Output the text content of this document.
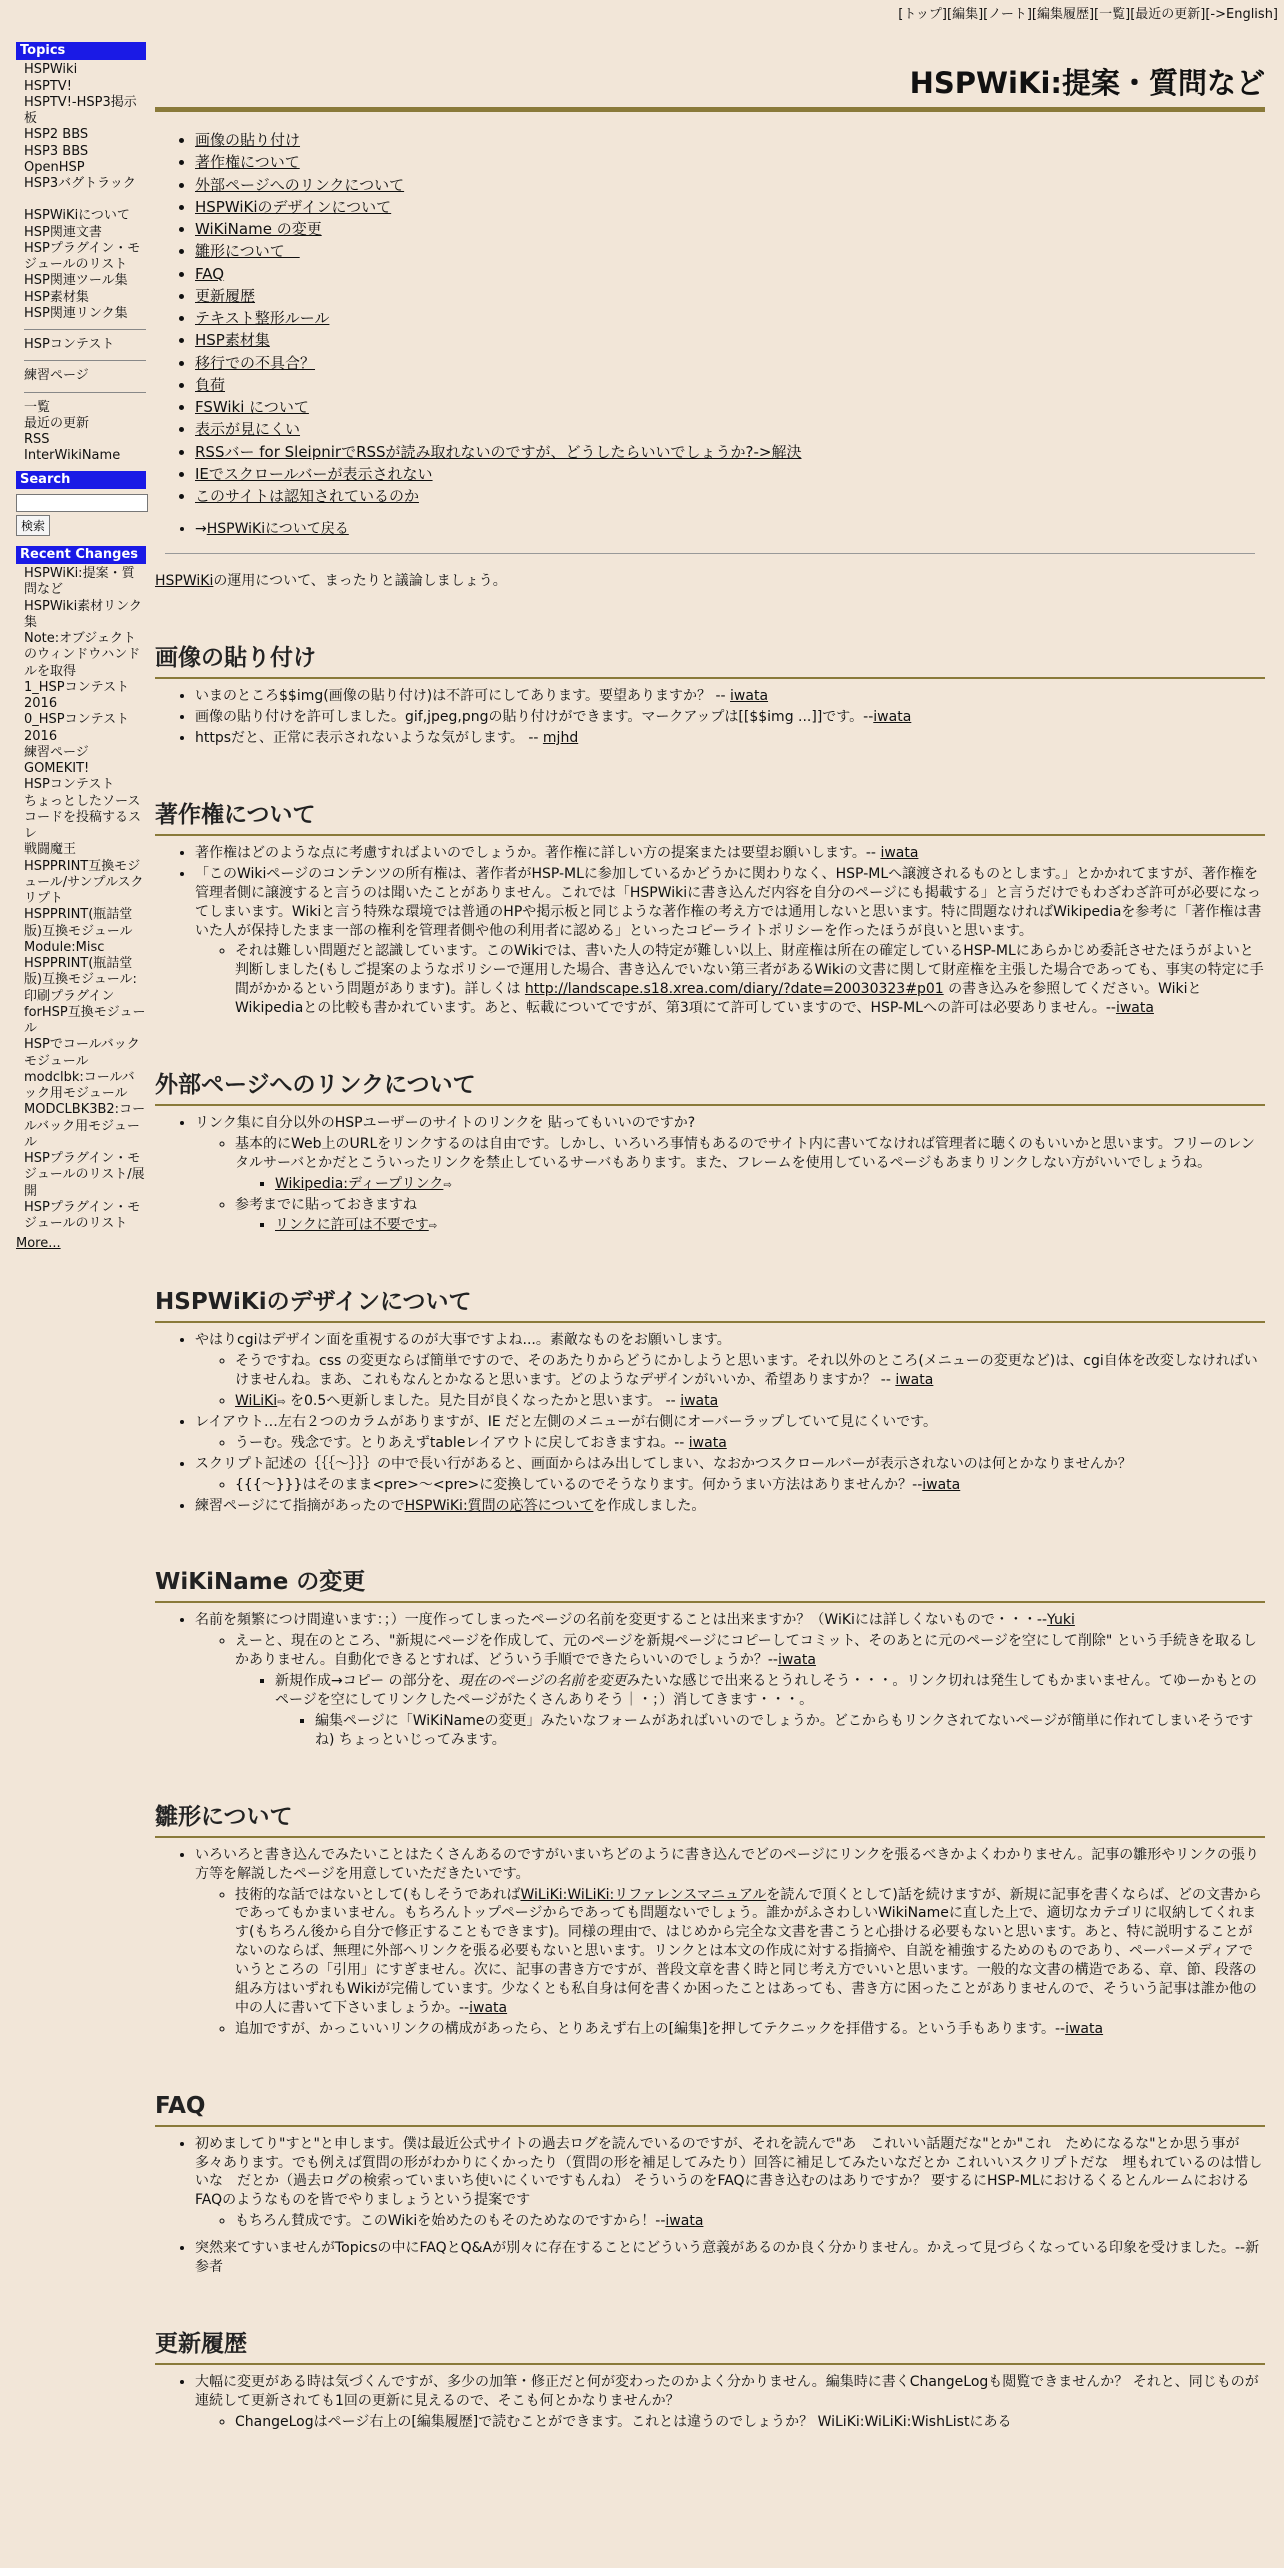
[トップ][編集][ノート][編集履歴][一覧][最近の更新][->English]
Topics
HSPWiki
HSPTV!
HSPTV!-HSP3掲示板
HSP2 BBS
HSP3 BBS
OpenHSP
HSP3バグトラック
HSPWiKiについて
HSP関連文書
HSPプラグイン・モジュールのリスト
HSP関連ツール集
HSP素材集
HSP関連リンク集
HSPコンテスト
練習ページ
一覧
最近の更新
RSS
InterWikiName
Search
検索
Recent Changes
HSPWiKi:提案・質問など
HSPWiki素材リンク集
Note:オブジェクトのウィンドウハンドルを取得
1_HSPコンテスト2016
0_HSPコンテスト2016
練習ページ
GOMEKIT!
HSPコンテスト
ちょっとしたソースコードを投稿するスレ
戦闘魔王
HSPPRINT互換モジュール/サンプルスクリプト
HSPPRINT(瓶詰堂版)互換モジュール
Module:Misc
HSPPRINT(瓶詰堂版)互換モジュール:印刷プラグインforHSP互換モジュール
HSPでコールバックモジュール
modclbk:コールバック用モジュール
MODCLBK3B2:コールバック用モジュール
HSPプラグイン・モジュールのリスト/展開
HSPプラグイン・モジュールのリスト
More...
HSPWiKi:提案・質問など
• 画像の貼り付け
• 著作権について
• 外部ページへのリンクについて
• HSPWiKiのデザインについて
• WiKiName の変更
• 雛形について　
• FAQ
• 更新履歴
• テキスト整形ルール
• HSP素材集
• 移行での不具合？
• 負荷
• FSWiki について
• 表示が見にくい
• RSSバー for SleipnirでRSSが読み取れないのですが、どうしたらいいでしょうか?->解決
• IEでスクロールバーが表示されない
• このサイトは認知されているのか
• →HSPWiKiについて戻る

HSPWiKiの運用について、まったりと議論しましょう。

画像の貼り付け
• いまのところ$$img(画像の貼り付け)は不許可にしてあります。要望ありますか？ -- iwata
• 画像の貼り付けを許可しました。gif,jpeg,pngの貼り付けができます。マークアップは[[$$img ...]]です。--iwata
• httpsだと、正常に表示されないような気がします。 -- mjhd
著作権について
• 著作権はどのような点に考慮すればよいのでしょうか。著作権に詳しい方の提案または要望お願いします。-- iwata
• 「このWikiページのコンテンツの所有権は、著作者がHSP-MLに参加しているかどうかに関わりなく、HSP-MLへ譲渡されるものとします。」とかかれてますが、著作権を管理者側に譲渡すると言うのは聞いたことがありません。これでは「HSPWikiに書き込んだ内容を自分のページにも掲載する」と言うだけでもわざわざ許可が必要になってしまいます。Wikiと言う特殊な環境では普通のHPや掲示板と同じような著作権の考え方では通用しないと思います。特に問題なければWikipediaを参考に「著作権は書いた人が保持したまま一部の権利を管理者側や他の利用者に認める」といったコピーライトポリシーを作ったほうが良いと思います。
◦ それは難しい問題だと認識しています。このWikiでは、書いた人の特定が難しい以上、財産権は所在の確定しているHSP-MLにあらかじめ委託させたほうがよいと判断しました(もしご提案のようなポリシーで運用した場合、書き込んでいない第三者があるWikiの文書に関して財産権を主張した場合であっても、事実の特定に手間がかかるという問題があります)。詳しくは http://landscape.s18.xrea.com/diary/?date=20030323#p01 の書き込みを参照してください。WikiとWikipediaとの比較も書かれています。あと、転載についてですが、第3項にて許可していますので、HSP-MLへの許可は必要ありません。--iwata
外部ページへのリンクについて
• リンク集に自分以外のHSPユーザーのサイトのリンクを 貼ってもいいのですか?
◦ 基本的にWeb上のURLをリンクするのは自由です。しかし、いろいろ事情もあるのでサイト内に書いてなければ管理者に聴くのもいいかと思います。フリーのレンタルサーバとかだとこういったリンクを禁止しているサーバもあります。また、フレームを使用しているページもあまりリンクしない方がいいでしょうね。
▪ Wikipedia:ディープリンク⇨
◦ 参考までに貼っておきますね
▪ リンクに許可は不要です⇨
HSPWiKiのデザインについて
• やはりcgiはデザイン面を重視するのが大事ですよね...。素敵なものをお願いします。
◦ そうですね。css の変更ならば簡単ですので、そのあたりからどうにかしようと思います。それ以外のところ(メニューの変更など)は、cgi自体を改変しなければいけませんね。まあ、これもなんとかなると思います。どのようなデザインがいいか、希望ありますか？ -- iwata
◦ WiLiKi⇨ を0.5へ更新しました。見た目が良くなったかと思います。 -- iwata
• レイアウト…左右２つのカラムがありますが、IE だと左側のメニューが右側にオーバーラップしていて見にくいです。
◦ うーむ。残念です。とりあえずtableレイアウトに戻しておきますね。-- iwata
• スクリプト記述の｛｛｛〜｝｝｝の中で長い行があると、画面からはみ出してしまい、なおかつスクロールバーが表示されないのは何とかなりませんか？
◦ {{{〜}}}はそのまま<pre>〜<pre>に変換しているのでそうなります。何かうまい方法はありませんか？--iwata
• 練習ページにて指摘があったのでHSPWiKi:質問の応答についてを作成しました。
WiKiName の変更
• 名前を頻繁につけ間違います：；）一度作ってしまったページの名前を変更することは出来ますか？（WiKiには詳しくないもので・・・--Yuki
◦ えーと、現在のところ、"新規にページを作成して、元のページを新規ページにコピーしてコミット、そのあとに元のページを空にして削除" という手続きを取るしかありません。自動化できるとすれば、どういう手順でできたらいいのでしょうか？--iwata
▪ 新規作成→コピー の部分を、現在のページの名前を変更みたいな感じで出来るとうれしそう・・・。リンク切れは発生してもかまいません。てゆーかもとのページを空にしてリンクしたページがたくさんありそう｜・；）消してきます・・・。
▪ 編集ページに「WiKiNameの変更」みたいなフォームがあればいいのでしょうか。どこからもリンクされてないページが簡単に作れてしまいそうですね) ちょっといじってみます。
雛形について
• いろいろと書き込んでみたいことはたくさんあるのですがいまいちどのように書き込んでどのページにリンクを張るべきかよくわかりません。記事の雛形やリンクの張り方等を解説したページを用意していただきたいです。
◦ 技術的な話ではないとして(もしそうであればWiLiKi:WiLiKi:リファレンスマニュアルを読んで頂くとして)話を続けますが、新規に記事を書くならば、どの文書からであってもかまいません。もちろんトップページからであっても問題ないでしょう。誰かがふさわしいWikiNameに直した上で、適切なカテゴリに収納してくれます(もちろん後から自分で修正することもできます)。同様の理由で、はじめから完全な文書を書こうと心掛ける必要もないと思います。あと、特に説明することがないのならば、無理に外部へリンクを張る必要もないと思います。リンクとは本文の作成に対する指摘や、自説を補強するためのものであり、ペーパーメディアでいうところの「引用」にすぎません。次に、記事の書き方ですが、普段文章を書く時と同じ考え方でいいと思います。一般的な文書の構造である、章、節、段落の組み方はいずれもWikiが完備しています。少なくとも私自身は何を書くか困ったことはあっても、書き方に困ったことがありませんので、そういう記事は誰か他の中の人に書いて下さいましょうか。--iwata
◦ 追加ですが、かっこいいリンクの構成があったら、とりあえず右上の[編集]を押してテクニックを拝借する。という手もあります。--iwata
FAQ
• 初めましてり"すと"と申します。僕は最近公式サイトの過去ログを読んでいるのですが、それを読んで"あ　これいい話題だな"とか"これ　ためになるな"とか思う事が多々あります。でも例えば質問の形がわかりにくかったり（質問の形を補足してみたり）回答に補足してみたいなだとか これいいスクリプトだな　埋もれているのは惜しいな　だとか（過去ログの検索っていまいち使いにくいですもんね） そういうのをFAQに書き込むのはありですか？ 要するにHSP-MLにおけるくるとんルームにおけるFAQのようなものを皆でやりましょうという提案です
◦ もちろん賛成です。このWikiを始めたのもそのためなのですから！--iwata
• 突然来てすいませんがTopicsの中にFAQとQ&Aが別々に存在することにどういう意義があるのか良く分かりません。かえって見づらくなっている印象を受けました。--新参者
更新履歴
• 大幅に変更がある時は気づくんですが、多少の加筆・修正だと何が変わったのかよく分かりません。編集時に書くChangeLogも閲覧できませんか？ それと、同じものが連続して更新されても1回の更新に見えるので、そこも何とかなりませんか？
◦ ChangeLogはページ右上の[編集履歴]で読むことができます。これとは違うのでしょうか？ WiLiKi:WiLiKi:WishListにある
